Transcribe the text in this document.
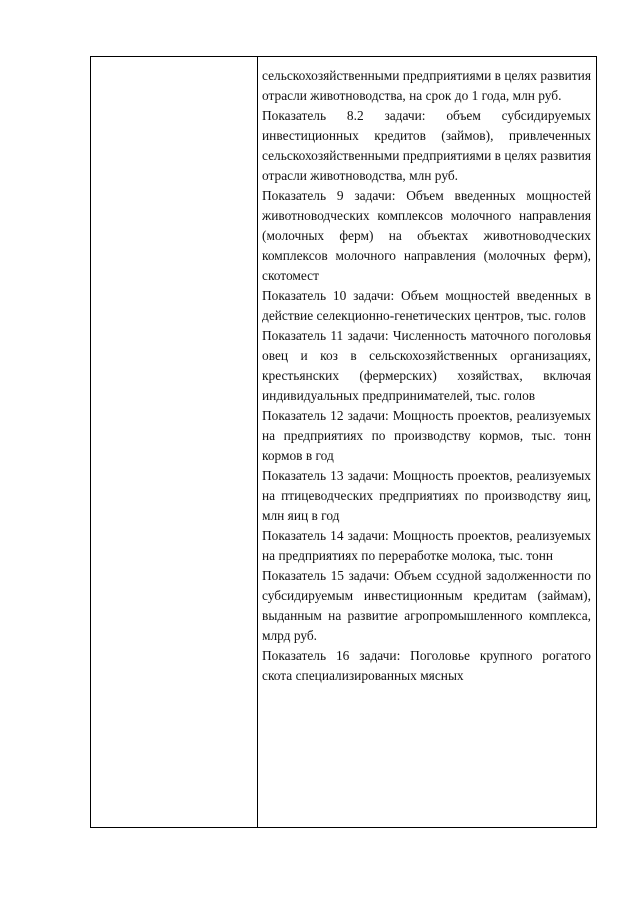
сельскохозяйственными предприятиями в целях развития отрасли животноводства, на срок до 1 года, млн руб.

Показатель 8.2 задачи: объем субсидируемых инвестиционных кредитов (займов), привлеченных сельскохозяйственными предприятиями в целях развития отрасли животноводства, млн руб.

Показатель 9 задачи: Объем введенных мощностей животноводческих комплексов молочного направления (молочных ферм) на объектах животноводческих комплексов молочного направления (молочных ферм), скотомест

Показатель 10 задачи: Объем мощностей введенных в действие селекционно-генетических центров, тыс. голов

Показатель 11 задачи: Численность маточного поголовья овец и коз в сельскохозяйственных организациях, крестьянских (фермерских) хозяйствах, включая индивидуальных предпринимателей, тыс. голов

Показатель 12 задачи: Мощность проектов, реализуемых на предприятиях по производству кормов, тыс. тонн кормов в год

Показатель 13 задачи: Мощность проектов, реализуемых на птицеводческих предприятиях по производству яиц, млн яиц в год

Показатель 14 задачи: Мощность проектов, реализуемых на предприятиях по переработке молока, тыс. тонн

Показатель 15 задачи: Объем ссудной задолженности по субсидируемым инвестиционным кредитам (займам), выданным на развитие агропромышленного комплекса, млрд руб.

Показатель 16 задачи: Поголовье крупного рогатого скота специализированных мясных
